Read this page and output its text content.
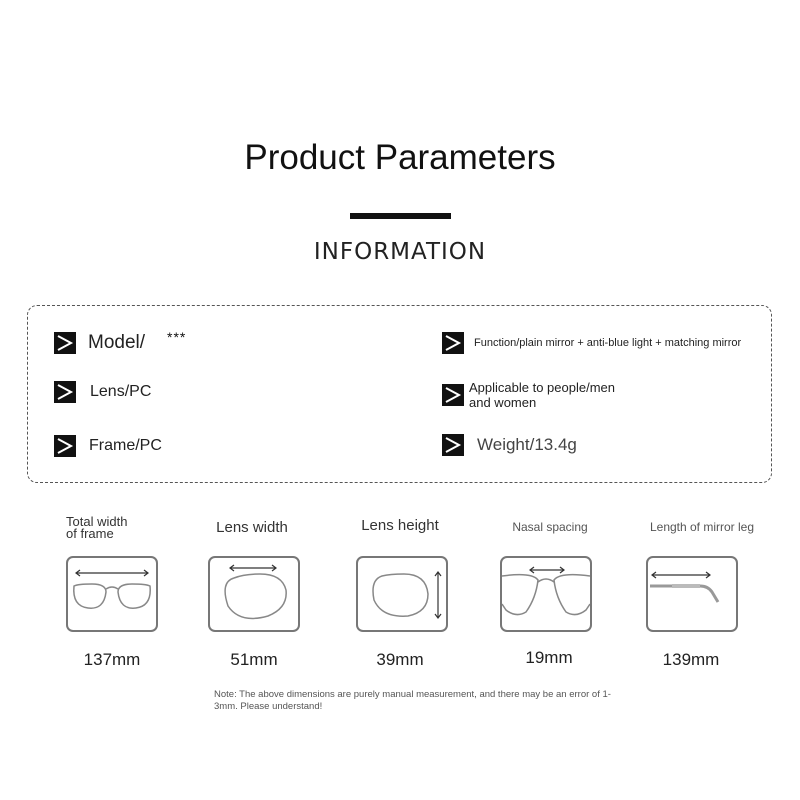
Product Parameters
INFORMATION
Model/ ***
Lens/PC
Frame/PC
Function/plain mirror + anti-blue light + matching mirror
Applicable to people/men
and women
Weight/13.4g
Total width
of frame	Lens width	Lens height	Nasal spacing	Length of mirror leg
137mm	51mm	39mm	19mm	139mm
Note: The above dimensions are purely manual measurement, and there may be an error of 1-3mm. Please understand!
